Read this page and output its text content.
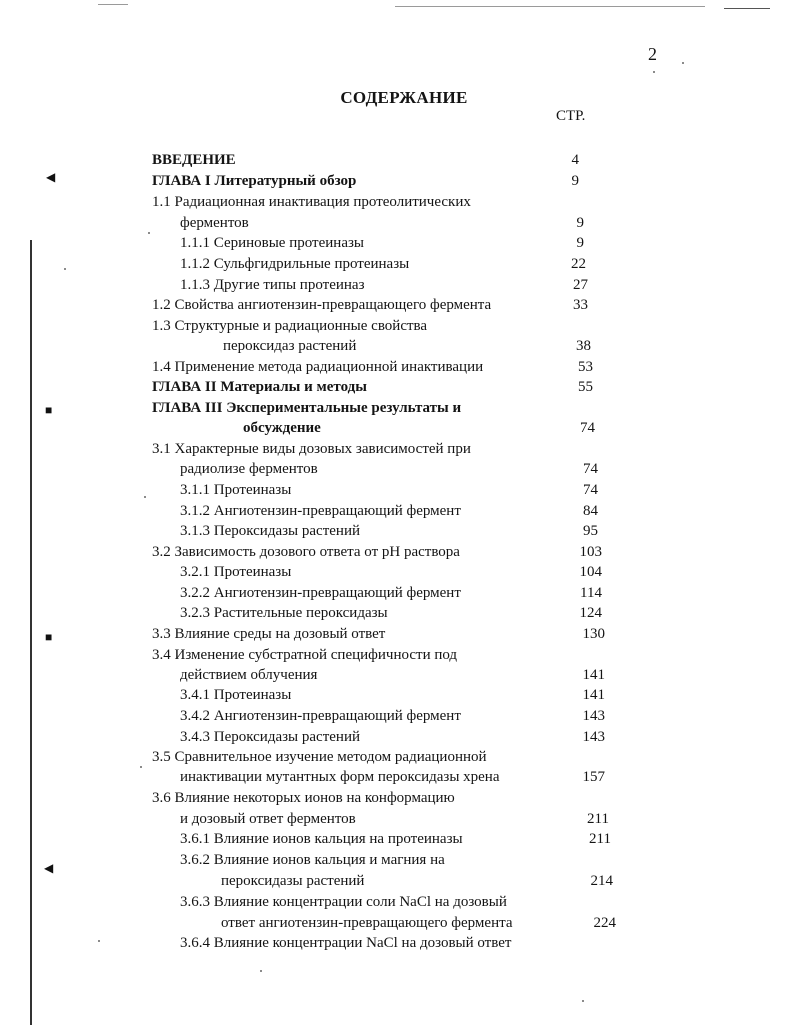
◀
■
■
◀
2
СОДЕРЖАНИЕ
СТР.
ВВЕДЕНИЕ	4
ГЛАВА I Литературный обзор	9
1.1 Радиационная инактивация протеолитических
ферментов	9
1.1.1 Сериновые протеиназы	9
1.1.2 Сульфгидрильные протеиназы	22
1.1.3 Другие типы протеиназ	27
1.2 Свойства ангиотензин-превращающего фермента	33
1.3 Структурные и радиационные свойства
пероксидаз растений	38
1.4 Применение метода радиационной инактивации	53
ГЛАВА II Материалы и методы	55
ГЛАВА III Экспериментальные результаты и
обсуждение	74
3.1 Характерные виды дозовых зависимостей при
радиолизе ферментов	74
3.1.1 Протеиназы	74
3.1.2 Ангиотензин-превращающий фермент	84
3.1.3 Пероксидазы растений	95
3.2 Зависимость дозового ответа от pH раствора	103
3.2.1 Протеиназы	104
3.2.2 Ангиотензин-превращающий фермент	114
3.2.3 Растительные пероксидазы	124
3.3 Влияние среды на дозовый ответ	130
3.4 Изменение субстратной специфичности под
действием облучения	141
3.4.1 Протеиназы	141
3.4.2 Ангиотензин-превращающий фермент	143
3.4.3 Пероксидазы растений	143
3.5 Сравнительное изучение методом радиационной
инактивации мутантных форм пероксидазы хрена	157
3.6 Влияние некоторых ионов на конформацию
и дозовый ответ ферментов	211
3.6.1 Влияние ионов кальция на протеиназы	211
3.6.2 Влияние ионов кальция и магния на
пероксидазы растений	214
3.6.3 Влияние концентрации соли NaCl на дозовый
ответ ангиотензин-превращающего фермента	224
3.6.4 Влияние концентрации NaCl на дозовый ответ
